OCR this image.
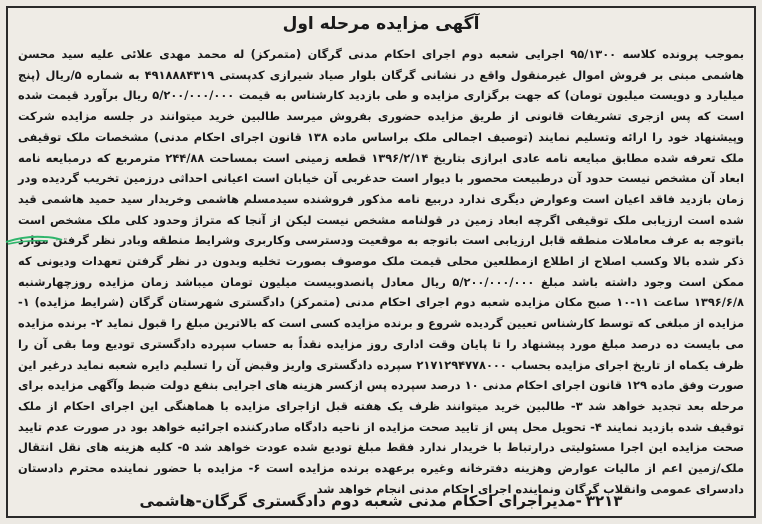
آگهی مزایده مرحله اول
بموجب پرونده کلاسه ۹۵/۱۳۰۰ اجرایی شعبه دوم اجرای احکام مدنی گرگان (متمرکز) له محمد مهدی علائی علیه سید محسن هاشمی مبنی بر فروش اموال غیرمنقول واقع در نشانی گرگان بلوار صیاد شیرازی کدپستی ۴۹۱۸۸۸۴۳۱۹ به شماره ۵/ریال (پنج میلیارد و دویست میلیون تومان) که جهت برگزاری مزایده و طی بازدید کارشناس به قیمت ۵/۲۰۰/۰۰۰/۰۰۰ ریال برآورد قیمت شده است که پس ازجری تشریفات قانونی از طریق مزایده حضوری بفروش میرسد طالبین خرید میتوانند در جلسه مزایده شرکت وپیشنهاد خود را ارائه وتسلیم نمایند (توصیف اجمالی ملک براساس ماده ۱۳۸ قانون اجرای احکام مدنی) مشخصات ملک توقیفی ملک تعرفه شده مطابق مبایعه نامه عادی ابرازی بتاریخ ۱۳۹۶/۲/۱۴ قطعه زمینی است بمساحت ۲۴۴/۸۸ مترمربع که درمبایعه نامه ابعاد آن مشخص نیست حدود آن درطبیعت محصور با دیوار است حدغربی آن خیابان است اعیانی احداثی درزمین تخریب گردیده ودر زمان بازدید فاقد اعیان است وعوارض دیگری ندارد دربیع نامه مذکور فروشنده سیدمسلم هاشمی وخریدار سید حمید هاشمی قید شده است ارزیابی ملک توقیفی اگرچه ابعاد زمین در قولنامه مشخص نیست لیکن از آنجا که متراژ وحدود کلی ملک مشخص است باتوجه به عرف معاملات منطقه قابل ارزیابی است باتوجه به موقعیت ودسترسی وکاربری وشرایط منطقه وبادر نظر گرفتن موارد ذکر شده بالا وکسب اصلاح از اطلاع ازمطلعین محلی قیمت ملک موصوف بصورت تخلیه وبدون در نظر گرفتن تعهدات ودیونی که ممکن است وجود داشته باشد مبلغ ۵/۲۰۰/۰۰۰/۰۰۰ ریال معادل پانصدوبیست میلیون تومان میباشد زمان مزایده روزچهارشنبه ۱۳۹۶/۶/۸ ساعت ۱۱-۱۰ صبح مکان مزایده شعبه دوم اجرای احکام مدنی (متمرکز) دادگستری شهرستان گرگان (شرایط مزایده) ۱- مزایده از مبلغی که توسط کارشناس تعیین گردیده شروع و برنده مزایده کسی است که بالاترین مبلغ را قبول نماید ۲- برنده مزایده می بایست ده درصد مبلغ مورد پیشنهاد را تا پایان وقت اداری روز مزایده نقداً به حساب سپرده دادگستری تودیع وما بقی آن را ظرف یکماه از تاریخ اجرای مزایده بحساب ۲۱۷۱۲۹۴۷۷۸۰۰۰ سپرده دادگستری واریز وقبض آن را تسلیم دایره شعبه نماید درغیر این صورت وفق ماده ۱۲۹ قانون اجرای احکام مدنی ۱۰ درصد سپرده پس ازکسر هزینه های اجرایی بنفع دولت ضبط وآگهی مزایده برای مرحله بعد تجدید خواهد شد ۳- طالبین خرید میتوانند ظرف یک هفته قبل ازاجرای مزایده با هماهنگی این اجرای احکام از ملک توقیف شده بازدید نمایند ۴- تحویل محل پس از تایید صحت مزایده از ناحیه دادگاه صادرکننده اجرائیه خواهد بود در صورت عدم تایید صحت مزایده این اجرا مسئولیتی درارتباط با خریدار ندارد فقط مبلغ تودیع شده عودت خواهد شد ۵- کلیه هزینه های نقل انتقال ملک/زمین اعم از مالیات عوارض وهزینه دفترخانه وغیره برعهده برنده مزایده است ۶- مزایده با حضور نماینده محترم دادستان دادسرای عمومی وانقلاب گرگان ونماینده اجرای احکام مدنی انجام خواهد شد
۳۲۱۳-مدیراجرای احکام مدنی شعبه دوم دادگستری گرگان-هاشمی
